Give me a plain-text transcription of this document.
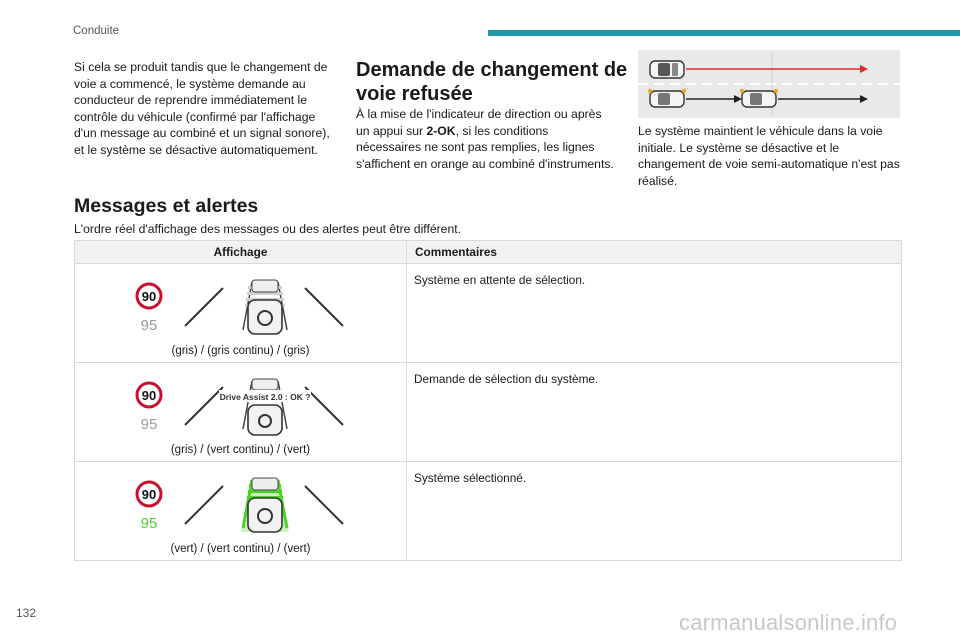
Conduite
Si cela se produit tandis que le changement de voie a commencé, le système demande au conducteur de reprendre immédiatement le contrôle du véhicule (confirmé par l'affichage d'un message au combiné et un signal sonore), et le système se désactive automatiquement.
Demande de changement de voie refusée
À la mise de l'indicateur de direction ou après un appui sur 2-OK, si les conditions nécessaires ne sont pas remplies, les lignes s'affichent en orange au combiné d'instruments.
Le système maintient le véhicule dans la voie initiale. Le système se désactive et le changement de voie semi-automatique n'est pas réalisé.
Messages et alertes
L'ordre réel d'affichage des messages ou des alertes peut être différent.
Affichage	Commentaires

90
95
(gris) / (gris continu) / (gris)	Système en attente de sélection.

90
95
Drive Assist 2.0 : OK ?
(gris) / (vert continu) / (vert)	Demande de sélection du système.

90
95
(vert) / (vert continu) / (vert)	Système sélectionné.
132	carmanualsonline.info
